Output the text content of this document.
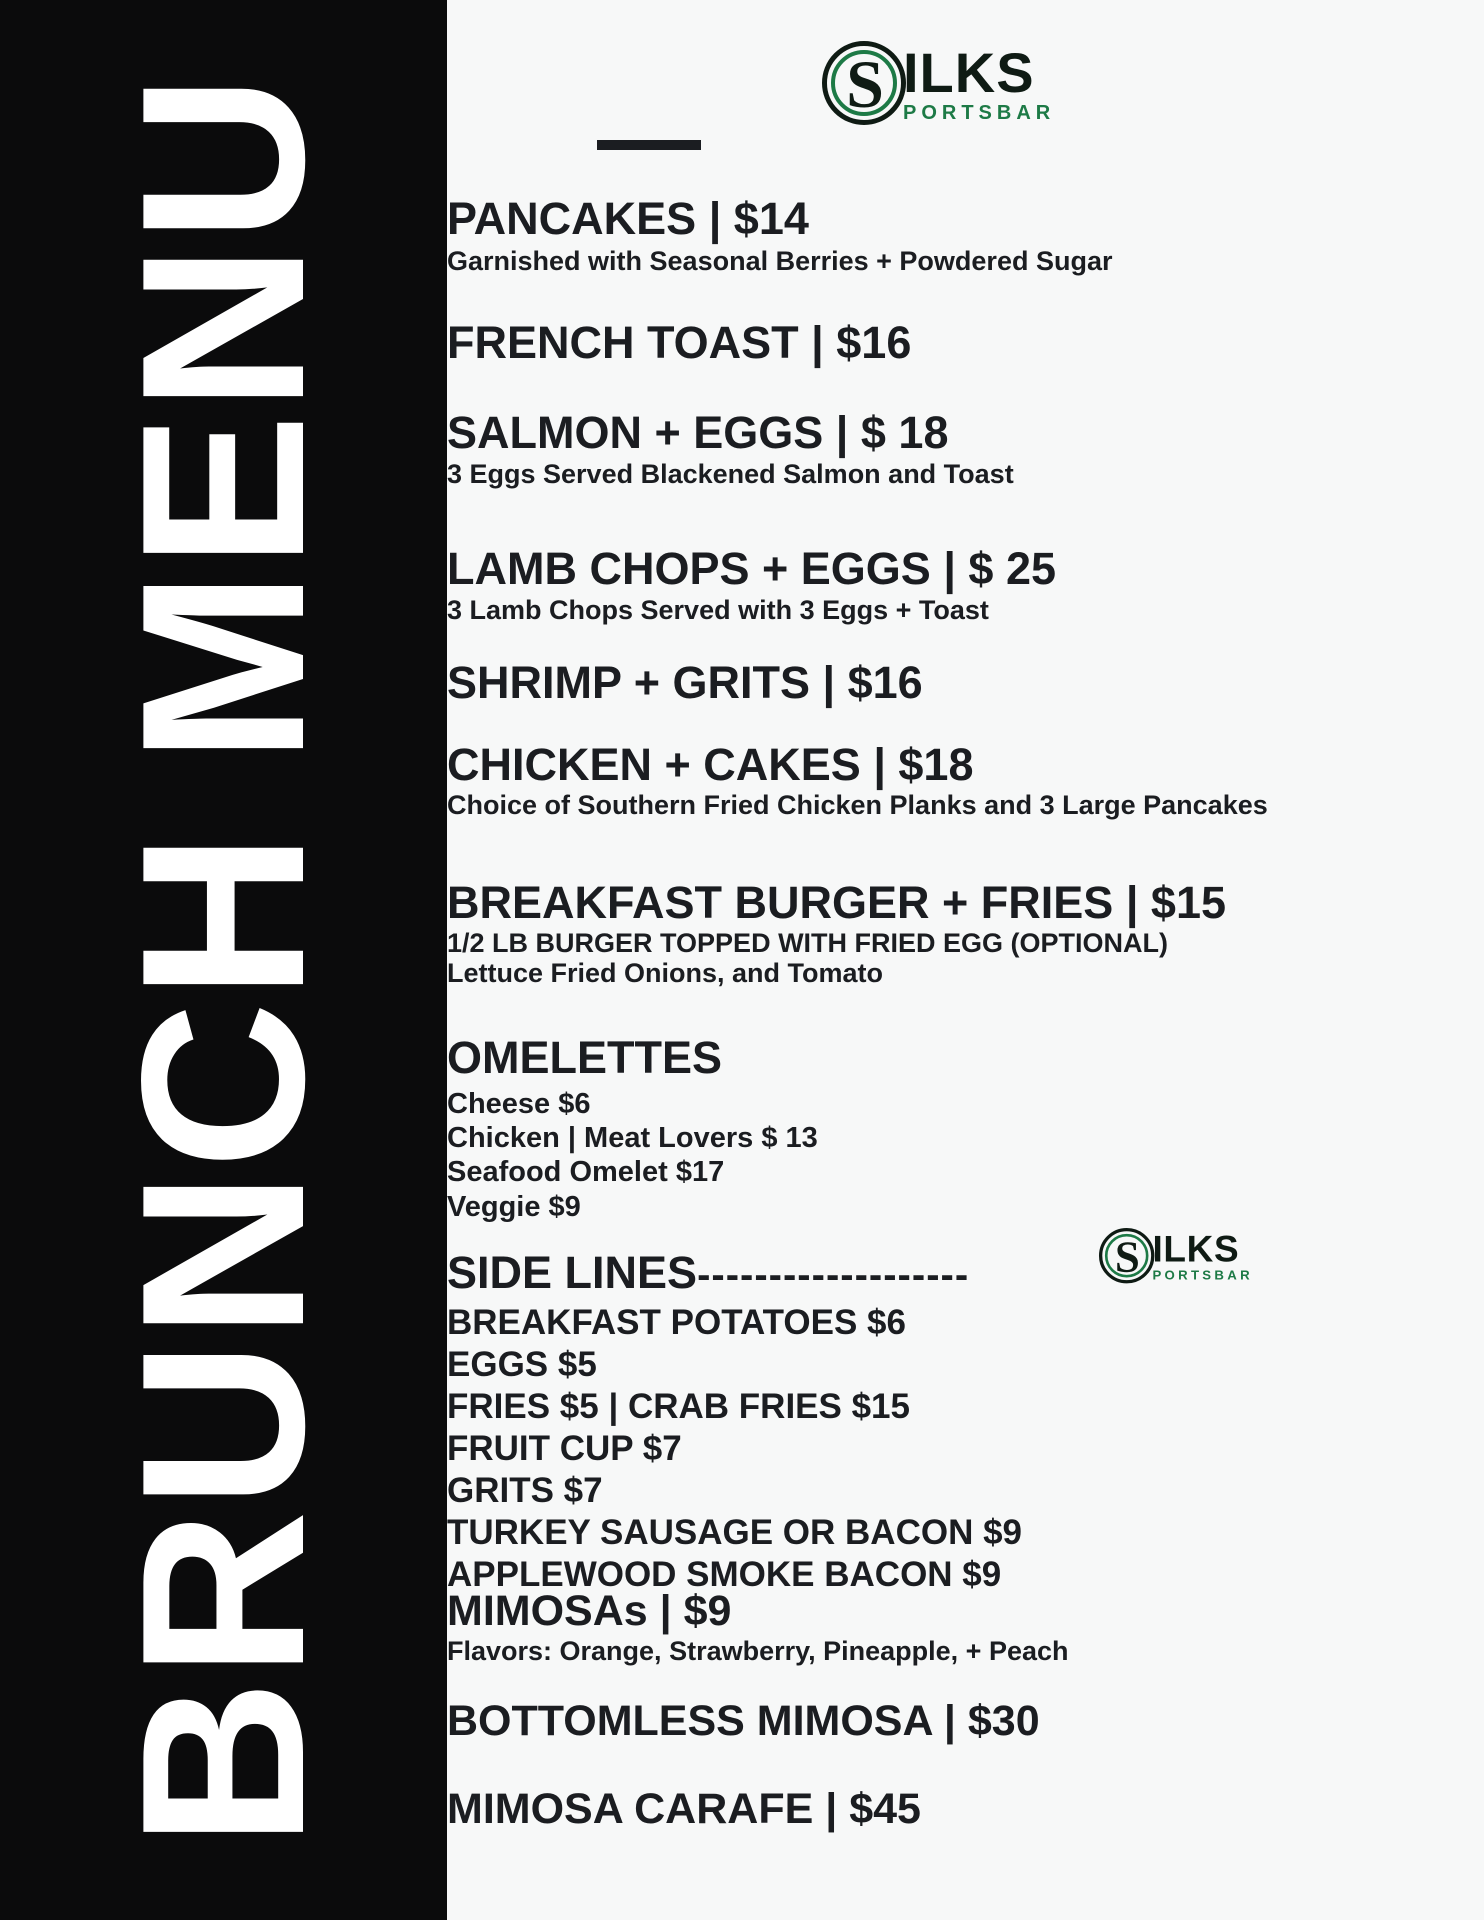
BRUNCH MENU	S ILKS
PORTSBAR
PANCAKES | $14
Garnished with Seasonal Berries + Powdered Sugar
FRENCH TOAST | $16
SALMON + EGGS | $ 18
3 Eggs Served Blackened Salmon and Toast
LAMB CHOPS + EGGS | $ 25
3 Lamb Chops Served with 3 Eggs + Toast
SHRIMP + GRITS | $16
CHICKEN + CAKES | $18
Choice of Southern Fried Chicken Planks and 3 Large Pancakes
BREAKFAST BURGER + FRIES | $15
1/2 LB BURGER TOPPED WITH FRIED EGG (OPTIONAL)
Lettuce Fried Onions, and Tomato
OMELETTES
Cheese $6
Chicken | Meat Lovers $ 13
Seafood Omelet $17
Veggie $9
SIDE LINES -------------------
BREAKFAST POTATOES $6
EGGS $5
FRIES $5 | CRAB FRIES $15
FRUIT CUP $7
GRITS $7
TURKEY SAUSAGE OR BACON $9
APPLEWOOD SMOKE BACON $9
S ILKS
PORTSBAR
MIMOSAs | $9
Flavors: Orange, Strawberry, Pineapple, + Peach
BOTTOMLESS MIMOSA | $30
MIMOSA CARAFE | $45
